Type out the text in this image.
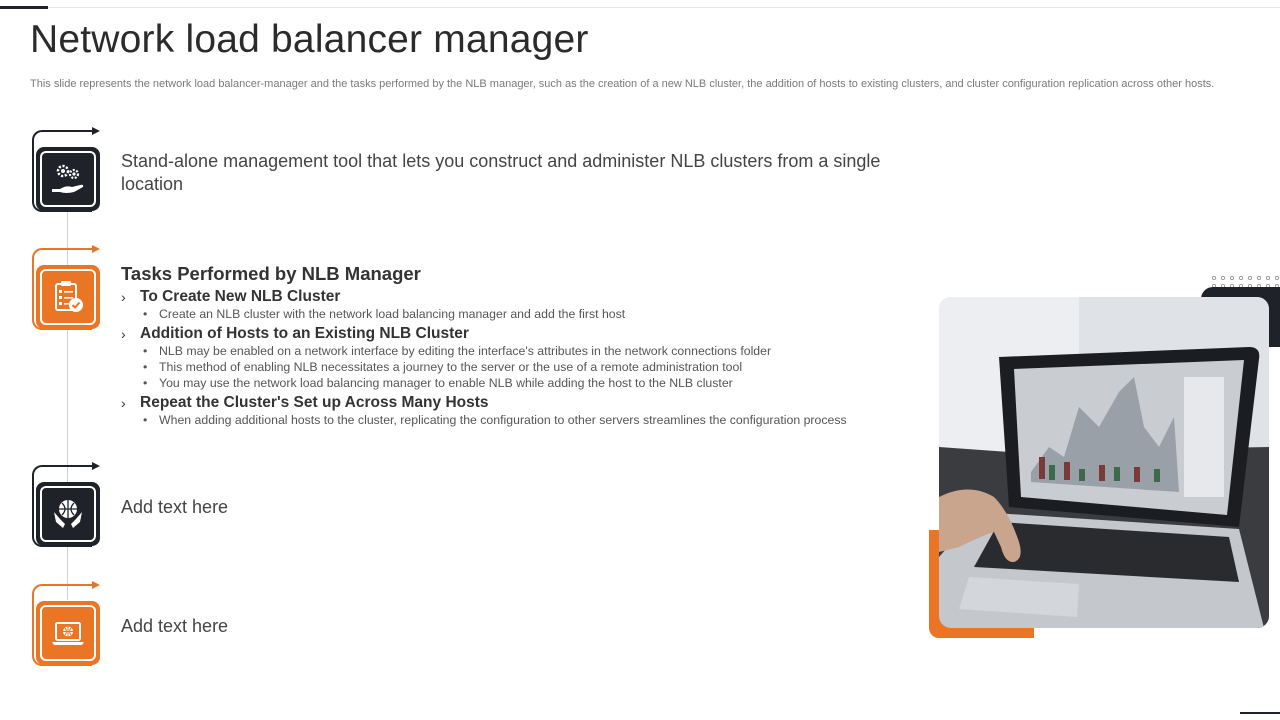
Network load balancer manager
This slide represents the network load balancer-manager and the tasks performed by the NLB manager, such as the creation of a new NLB cluster, the addition of hosts to existing clusters, and cluster configuration replication across other hosts.
Stand-alone management tool that lets you construct and administer NLB clusters from a single location
Tasks Performed by NLB Manager
› To Create New NLB Cluster
• Create an NLB cluster with the network load balancing manager and add the first host
› Addition of Hosts to an Existing NLB Cluster
• NLB may be enabled on a network interface by editing the interface's attributes in the network connections folder
• This method of enabling NLB necessitates a journey to the server or the use of a remote administration tool
• You may use the network load balancing manager to enable NLB while adding the host to the NLB cluster
› Repeat the Cluster's Set up Across Many Hosts
• When adding additional hosts to the cluster, replicating the configuration to other servers streamlines the configuration process
Add text here
Add text here
